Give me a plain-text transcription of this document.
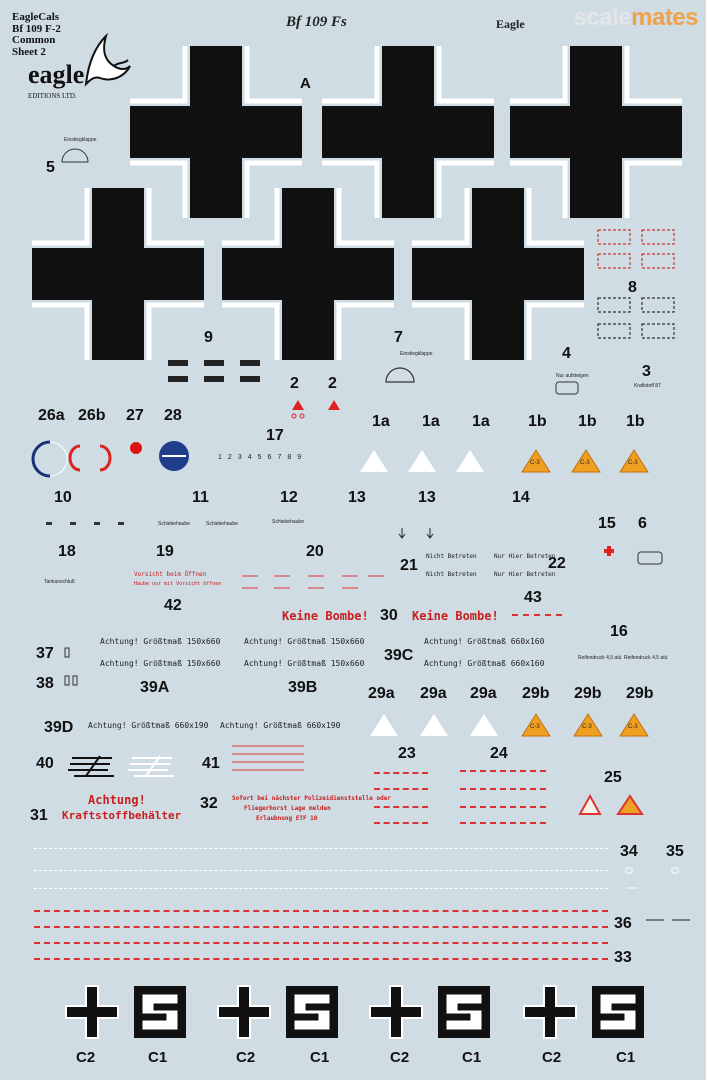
scalemates
EagleCals
Bf 109 F-2
Common
Sheet 2
eagle
EDITIONS LTD.
Bf 109 Fs	Eagle
A
Einstiegklappe
5
8
9	7
Einstiegklappe	4
Nur aufsteigen	3
Kraftstoff 87
2 2
26a 26b 27 28
17
123456789
1a 1a 1a 1b 1b 1b
C-3	C-3	C-3
10	11	12	13	13	14
15 6
Schiebehaube	Schiebehaube	Schiebehaube
18	19	20
21	22
Nicht Betreten
Nicht Betreten
Nur Hier Betreten
Nur Hier Betreten
Tankanschluß
Vorsicht beim Öffnen
Haube nur mit Vorsicht öffnen
42	43
Keine Bombe! 30 Keine Bombe!
16
Reifendruck 4,5 atü Reifendruck 4,5 atü
Achtung! Größtmaß 150x660	Achtung! Größtmaß 150x660	Achtung! Größtmaß 660x160
37	39C
Achtung! Größtmaß 150x660	Achtung! Größtmaß 150x660	Achtung! Größtmaß 660x160
38	39A	39B	29a 29a 29a 29b 29b 29b
C-3	C-3	C-3
39D Achtung! Größtmaß 660x190 Achtung! Größtmaß 660x190
40	41
23	24
25
Achtung!
31 Kraftstoffbehälter
32 Sofort bei nächster Polizeidienststelle oder
Fliegerhorst Lage melden
Erlaubnung ETF 10
34 35
36
33
C2	C1	C2	C1	C2	C1	C2	C1
